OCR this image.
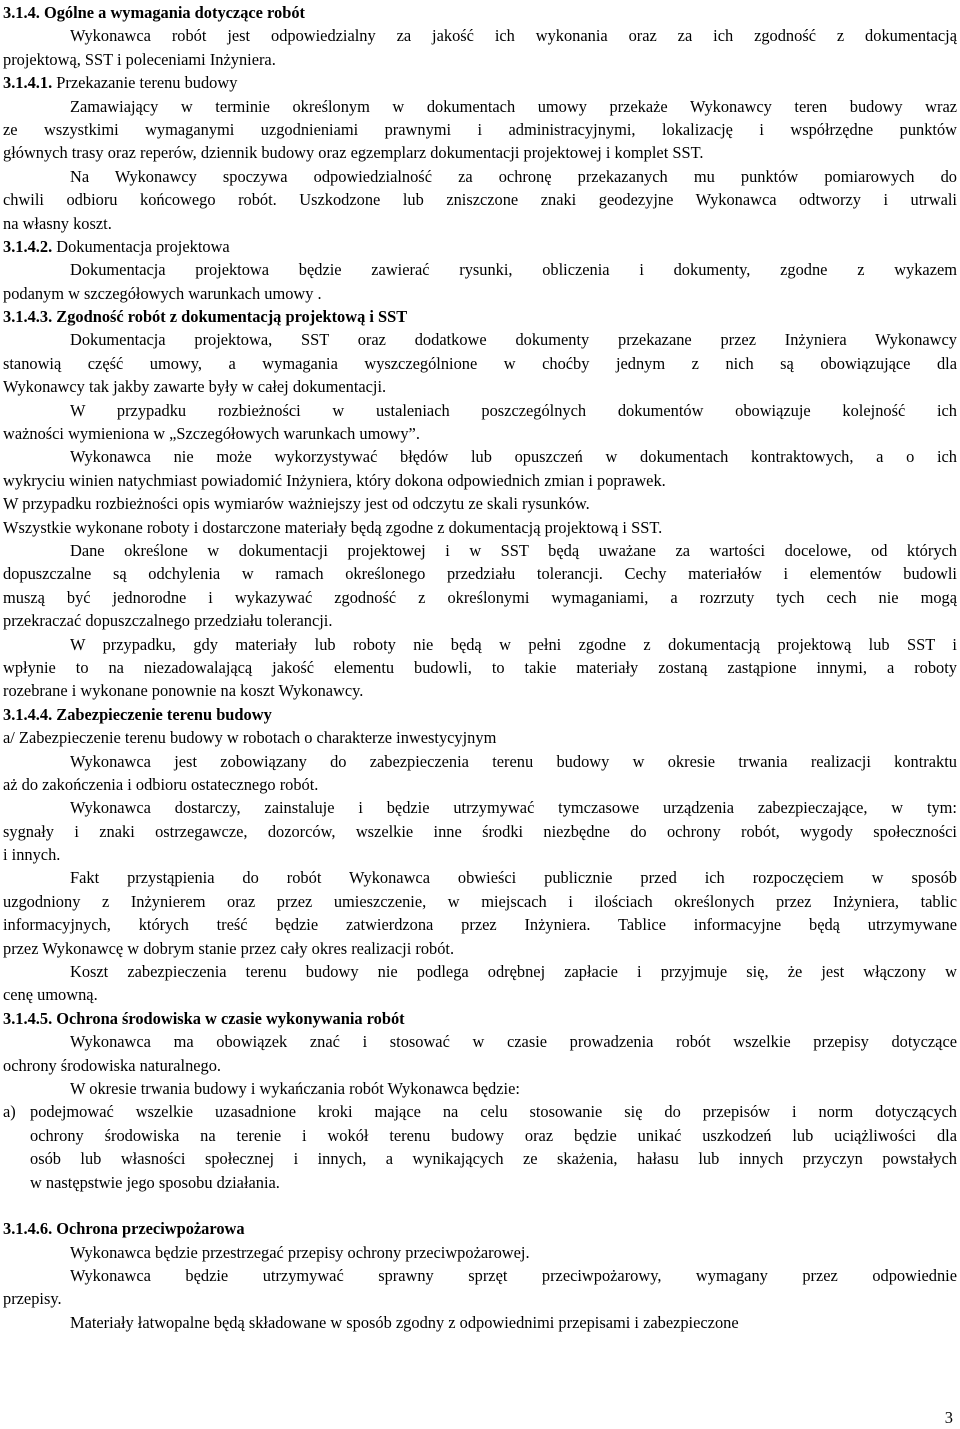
3.1.4. Ogólne a wymagania dotyczące robót
Wykonawca robót jest odpowiedzialny za jakość ich wykonania oraz za ich zgodność z dokumentacją
projektową, SST i poleceniami Inżyniera.
3.1.4.1. Przekazanie terenu budowy
Zamawiający w terminie określonym w dokumentach umowy przekaże Wykonawcy teren budowy wraz
ze wszystkimi wymaganymi uzgodnieniami prawnymi i administracyjnymi, lokalizację i współrzędne punktów
głównych trasy oraz reperów, dziennik budowy oraz egzemplarz dokumentacji projektowej i komplet SST.
Na Wykonawcy spoczywa odpowiedzialność za ochronę przekazanych mu punktów pomiarowych do
chwili odbioru końcowego robót. Uszkodzone lub zniszczone znaki geodezyjne Wykonawca odtworzy i utrwali
na własny koszt.
3.1.4.2. Dokumentacja projektowa
Dokumentacja projektowa będzie zawierać rysunki, obliczenia i dokumenty, zgodne z wykazem
podanym w szczegółowych warunkach umowy .
3.1.4.3. Zgodność robót z dokumentacją projektową i SST
Dokumentacja projektowa, SST oraz dodatkowe dokumenty przekazane przez Inżyniera Wykonawcy
stanowią część umowy, a wymagania wyszczególnione w choćby jednym z nich są obowiązujące dla
Wykonawcy tak jakby zawarte były w całej dokumentacji.
W przypadku rozbieżności w ustaleniach poszczególnych dokumentów obowiązuje kolejność ich
ważności wymieniona w „Szczegółowych warunkach umowy”.
Wykonawca nie może wykorzystywać błędów lub opuszczeń w dokumentach kontraktowych, a o ich
wykryciu winien natychmiast powiadomić Inżyniera, który dokona odpowiednich zmian i poprawek.
W przypadku rozbieżności opis wymiarów ważniejszy jest od odczytu ze skali rysunków.
Wszystkie wykonane roboty i dostarczone materiały będą zgodne z dokumentacją projektową i SST.
Dane określone w dokumentacji projektowej i w SST będą uważane za wartości docelowe, od których
dopuszczalne są odchylenia w ramach określonego przedziału tolerancji. Cechy materiałów i elementów budowli
muszą być jednorodne i wykazywać zgodność z określonymi wymaganiami, a rozrzuty tych cech nie mogą
przekraczać dopuszczalnego przedziału tolerancji.
W przypadku, gdy materiały lub roboty nie będą w pełni zgodne z dokumentacją projektową lub SST i
wpłynie to na niezadowalającą jakość elementu budowli, to takie materiały zostaną zastąpione innymi, a roboty
rozebrane i wykonane ponownie na koszt Wykonawcy.
3.1.4.4. Zabezpieczenie terenu budowy
a/ Zabezpieczenie terenu budowy w robotach o charakterze inwestycyjnym
Wykonawca jest zobowiązany do zabezpieczenia terenu budowy w okresie trwania realizacji kontraktu
aż do zakończenia i odbioru ostatecznego robót.
Wykonawca dostarczy, zainstaluje i będzie utrzymywać tymczasowe urządzenia zabezpieczające, w tym:
sygnały i znaki ostrzegawcze, dozorców, wszelkie inne środki niezbędne do ochrony robót, wygody społeczności
i innych.
Fakt przystąpienia do robót Wykonawca obwieści publicznie przed ich rozpoczęciem w sposób
uzgodniony z Inżynierem oraz przez umieszczenie, w miejscach i ilościach określonych przez Inżyniera, tablic
informacyjnych, których treść będzie zatwierdzona przez Inżyniera. Tablice informacyjne będą utrzymywane
przez Wykonawcę w dobrym stanie przez cały okres realizacji robót.
Koszt zabezpieczenia terenu budowy nie podlega odrębnej zapłacie i przyjmuje się, że jest włączony w
cenę umowną.
3.1.4.5. Ochrona środowiska w czasie wykonywania robót
Wykonawca ma obowiązek znać i stosować w czasie prowadzenia robót wszelkie przepisy dotyczące
ochrony środowiska naturalnego.
W okresie trwania budowy i wykańczania robót Wykonawca będzie:
a) podejmować wszelkie uzasadnione kroki mające na celu stosowanie się do przepisów i norm dotyczących
ochrony środowiska na terenie i wokół terenu budowy oraz będzie unikać uszkodzeń lub uciążliwości dla
osób lub własności społecznej i innych, a wynikających ze skażenia, hałasu lub innych przyczyn powstałych
w następstwie jego sposobu działania.
3.1.4.6. Ochrona przeciwpożarowa
Wykonawca będzie przestrzegać przepisy ochrony przeciwpożarowej.
Wykonawca będzie utrzymywać sprawny sprzęt przeciwpożarowy, wymagany przez odpowiednie
przepisy.
Materiały łatwopalne będą składowane w sposób zgodny z odpowiednimi przepisami i zabezpieczone
3
